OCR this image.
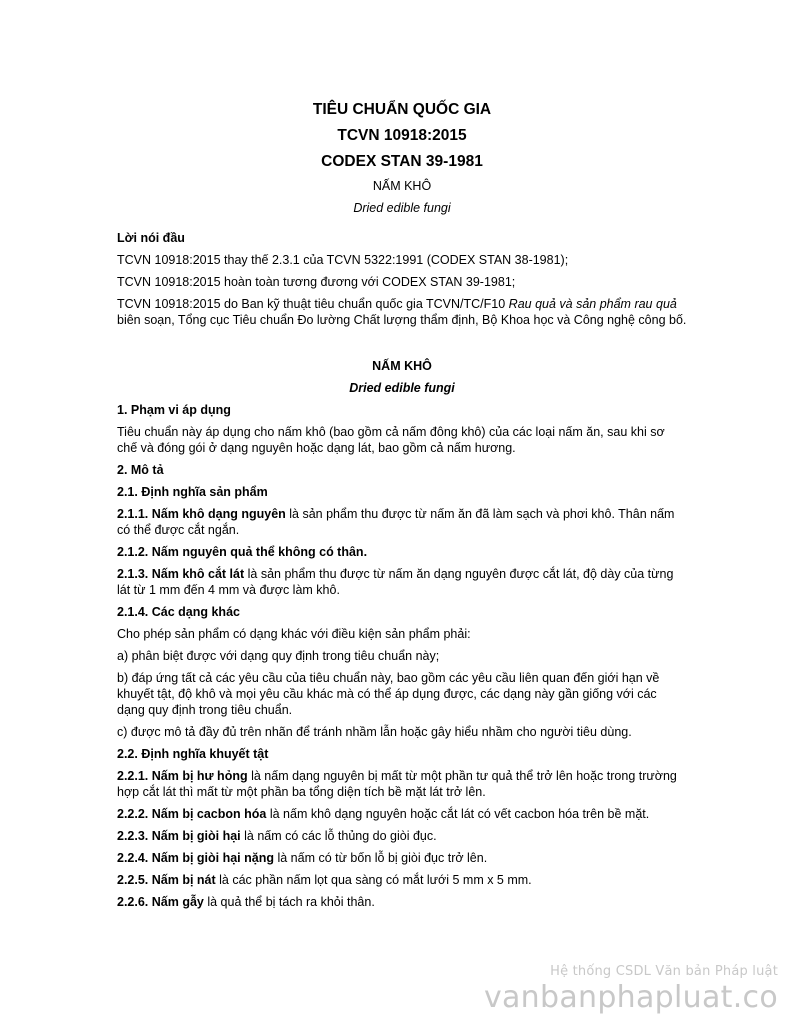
TIÊU CHUẨN QUỐC GIA
TCVN 10918:2015
CODEX STAN 39-1981
NẤM KHÔ
Dried edible fungi

Lời nói đầu

TCVN 10918:2015 thay thế 2.3.1 của TCVN 5322:1991 (CODEX STAN 38-1981);

TCVN 10918:2015 hoàn toàn tương đương với CODEX STAN 39-1981;

TCVN 10918:2015 do Ban kỹ thuật tiêu chuẩn quốc gia TCVN/TC/F10 Rau quả và sản phẩm rau quả biên soạn, Tổng cục Tiêu chuẩn Đo lường Chất lượng thẩm định, Bộ Khoa học và Công nghệ công bố.

NẤM KHÔ
Dried edible fungi

1. Phạm vi áp dụng

Tiêu chuẩn này áp dụng cho nấm khô (bao gồm cả nấm đông khô) của các loại nấm ăn, sau khi sơ chế và đóng gói ở dạng nguyên hoặc dạng lát, bao gồm cả nấm hương.

2. Mô tả

2.1. Định nghĩa sản phẩm

2.1.1. Nấm khô dạng nguyên là sản phẩm thu được từ nấm ăn đã làm sạch và phơi khô. Thân nấm có thể được cắt ngắn.

2.1.2. Nấm nguyên quả thể không có thân.

2.1.3. Nấm khô cắt lát là sản phẩm thu được từ nấm ăn dạng nguyên được cắt lát, độ dày của từng lát từ 1 mm đến 4 mm và được làm khô.

2.1.4. Các dạng khác

Cho phép sản phẩm có dạng khác với điều kiện sản phẩm phải:

a) phân biệt được với dạng quy định trong tiêu chuẩn này;

b) đáp ứng tất cả các yêu cầu của tiêu chuẩn này, bao gồm các yêu cầu liên quan đến giới hạn về khuyết tật, độ khô và mọi yêu cầu khác mà có thể áp dụng được, các dạng này gần giống với các dạng quy định trong tiêu chuẩn.

c) được mô tả đầy đủ trên nhãn để tránh nhầm lẫn hoặc gây hiểu nhầm cho người tiêu dùng.

2.2. Định nghĩa khuyết tật

2.2.1. Nấm bị hư hỏng là nấm dạng nguyên bị mất từ một phần tư quả thể trở lên hoặc trong trường hợp cắt lát thì mất từ một phần ba tổng diện tích bề mặt lát trở lên.

2.2.2. Nấm bị cacbon hóa là nấm khô dạng nguyên hoặc cắt lát có vết cacbon hóa trên bề mặt.

2.2.3. Nấm bị giòi hại là nấm có các lỗ thủng do giòi đục.

2.2.4. Nấm bị giòi hại nặng là nấm có từ bốn lỗ bị giòi đục trở lên.

2.2.5. Nấm bị nát là các phần nấm lọt qua sàng có mắt lưới 5 mm x 5 mm.

2.2.6. Nấm gẫy là quả thể bị tách ra khỏi thân.

Hệ thống CSDL Văn bản Pháp luật
vanbanphapluat.co
